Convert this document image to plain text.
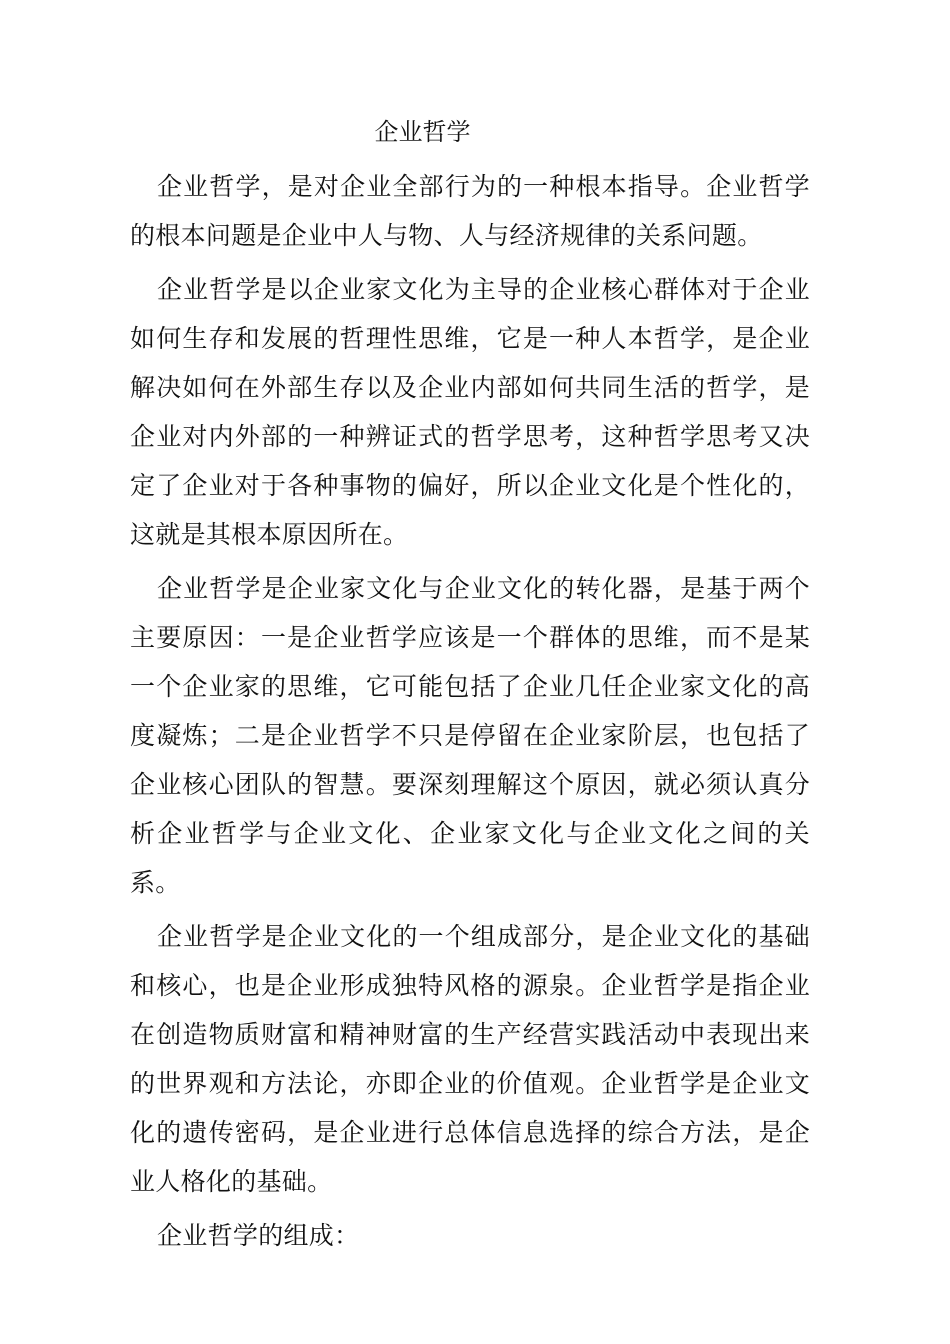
企业哲学

企业哲学，是对企业全部行为的一种根本指导。企业哲学的根本问题是企业中人与物、人与经济规律的关系问题。

企业哲学是以企业家文化为主导的企业核心群体对于企业如何生存和发展的哲理性思维，它是一种人本哲学，是企业解决如何在外部生存以及企业内部如何共同生活的哲学，是企业对内外部的一种辨证式的哲学思考，这种哲学思考又决定了企业对于各种事物的偏好，所以企业文化是个性化的，这就是其根本原因所在。

企业哲学是企业家文化与企业文化的转化器，是基于两个主要原因：一是企业哲学应该是一个群体的思维，而不是某一个企业家的思维，它可能包括了企业几任企业家文化的高度凝炼；二是企业哲学不只是停留在企业家阶层，也包括了企业核心团队的智慧。要深刻理解这个原因，就必须认真分析企业哲学与企业文化、企业家文化与企业文化之间的关系。

企业哲学是企业文化的一个组成部分，是企业文化的基础和核心，也是企业形成独特风格的源泉。企业哲学是指企业在创造物质财富和精神财富的生产经营实践活动中表现出来的世界观和方法论，亦即企业的价值观。企业哲学是企业文化的遗传密码，是企业进行总体信息选择的综合方法，是企业人格化的基础。

企业哲学的组成：
